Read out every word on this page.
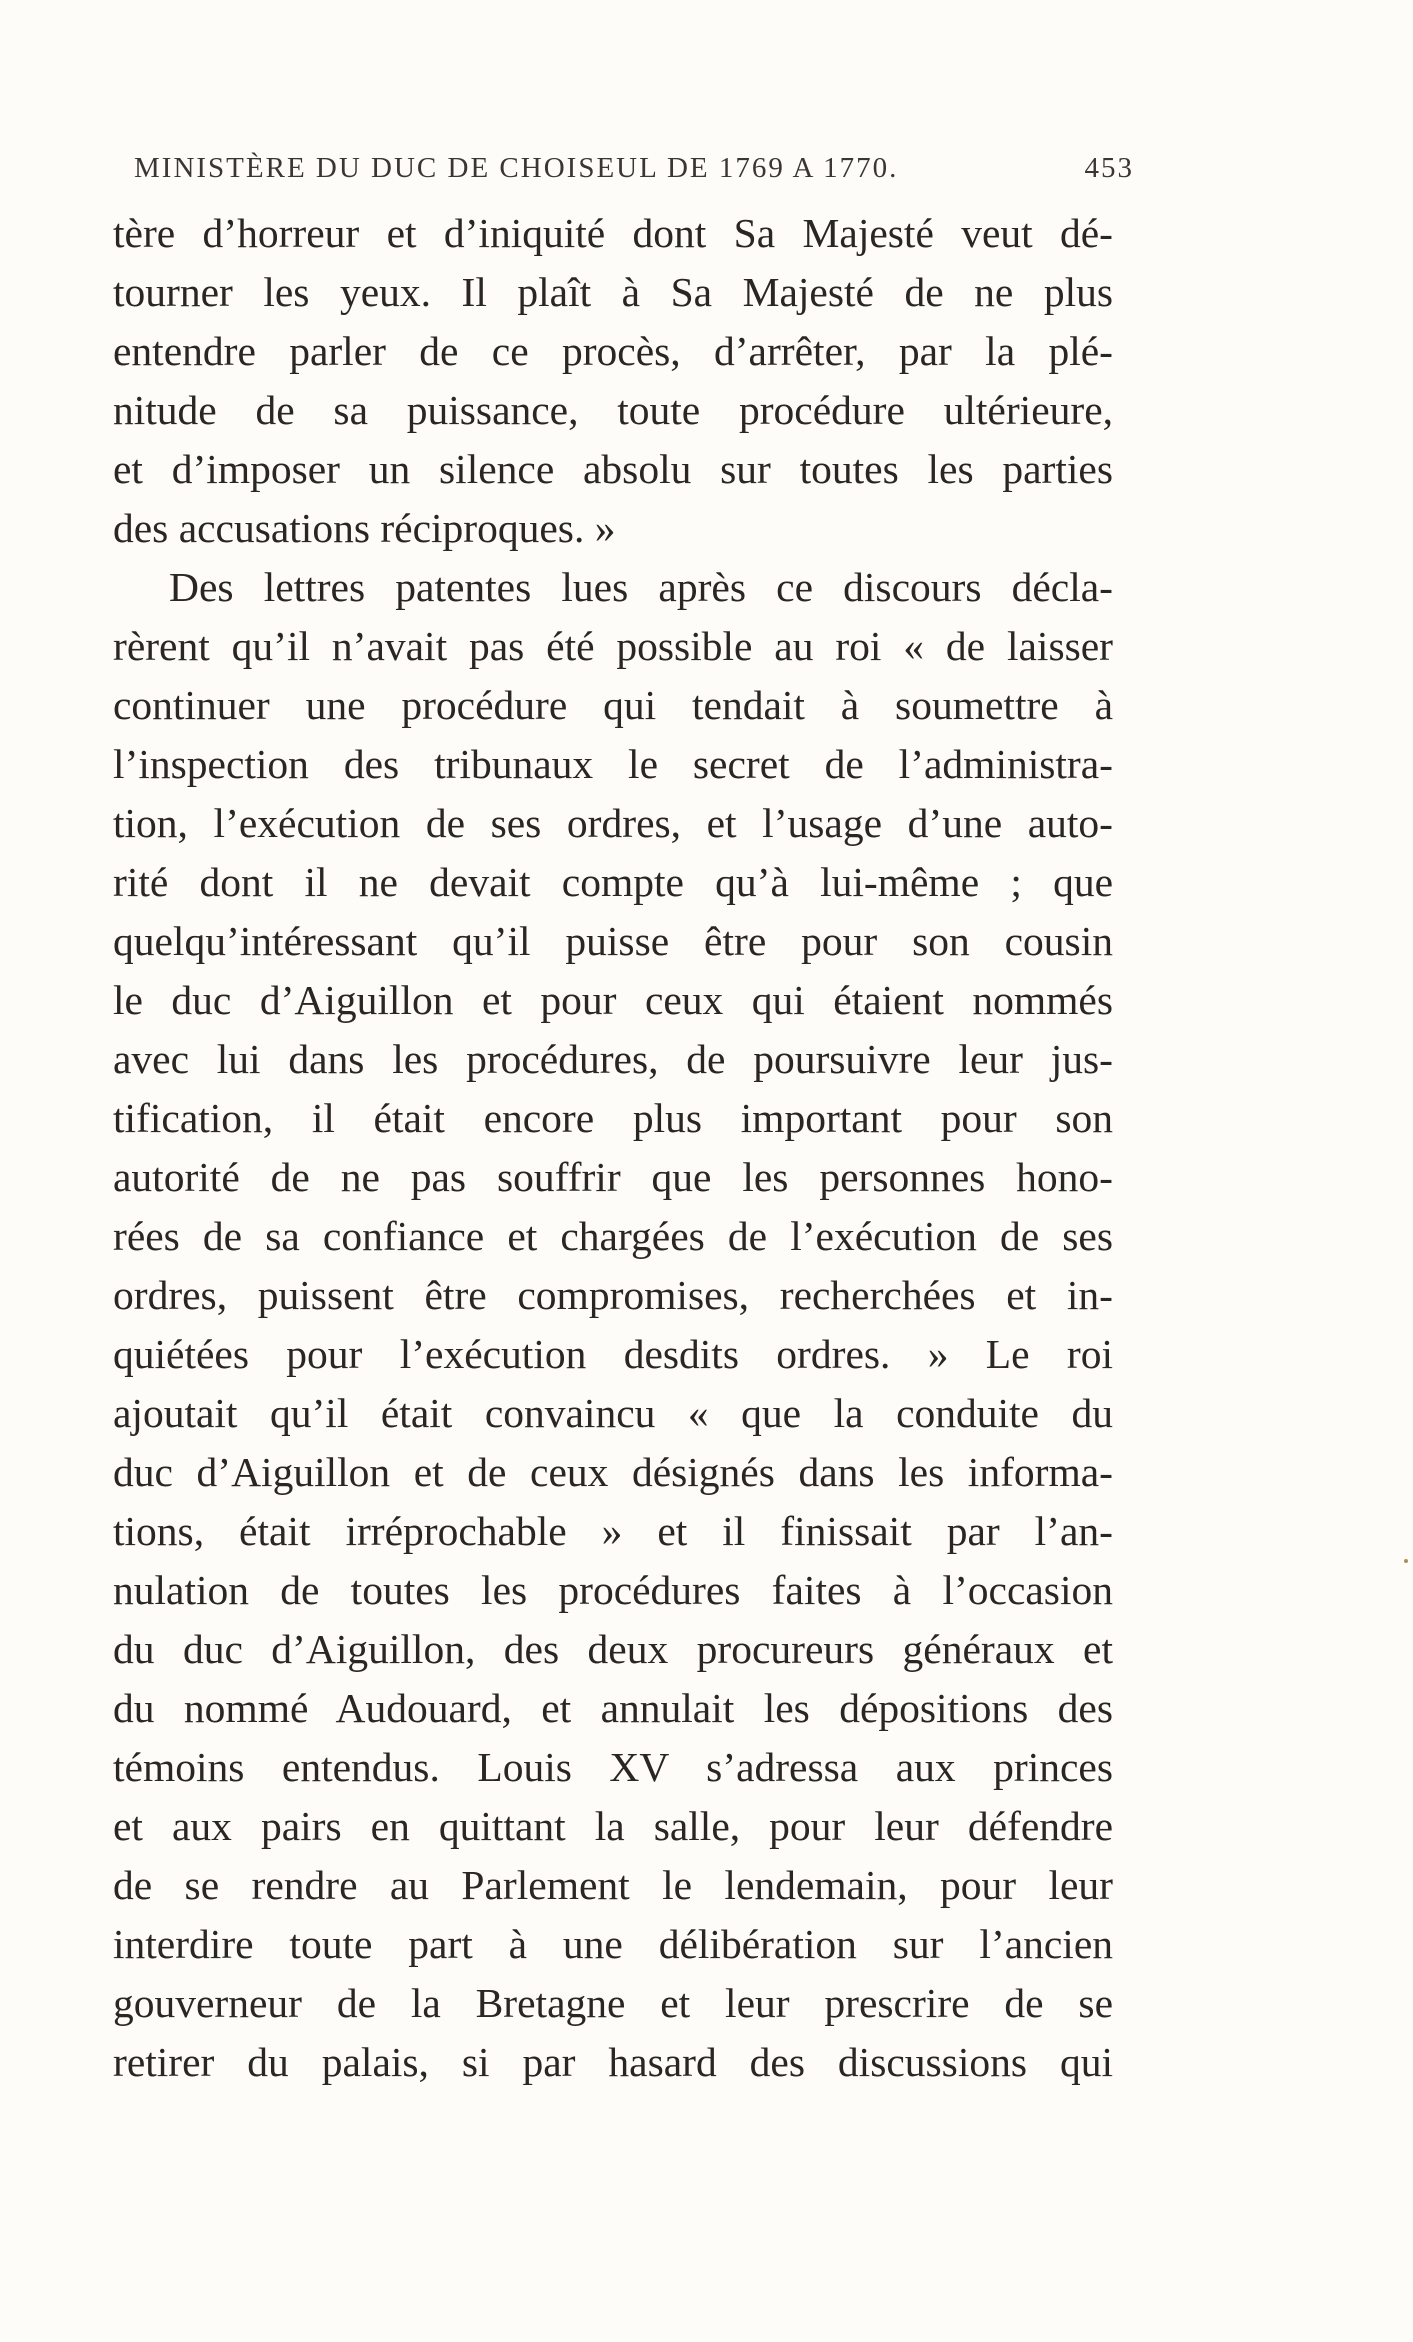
MINISTÈRE DU DUC DE CHOISEUL DE 1769 A 1770.	453
tère d’horreur et d’iniquité dont Sa Majesté veut dé-
tourner les yeux. Il plaît à Sa Majesté de ne plus
entendre parler de ce procès, d’arrêter, par la plé-
nitude de sa puissance, toute procédure ultérieure,
et d’imposer un silence absolu sur toutes les parties
des accusations réciproques. »
Des lettres patentes lues après ce discours décla-
rèrent qu’il n’avait pas été possible au roi « de laisser
continuer une procédure qui tendait à soumettre à
l’inspection des tribunaux le secret de l’administra-
tion, l’exécution de ses ordres, et l’usage d’une auto-
rité dont il ne devait compte qu’à lui-même ; que
quelqu’intéressant qu’il puisse être pour son cousin
le duc d’Aiguillon et pour ceux qui étaient nommés
avec lui dans les procédures, de poursuivre leur jus-
tification, il était encore plus important pour son
autorité de ne pas souffrir que les personnes hono-
rées de sa confiance et chargées de l’exécution de ses
ordres, puissent être compromises, recherchées et in-
quiétées pour l’exécution desdits ordres. » Le roi
ajoutait qu’il était convaincu « que la conduite du
duc d’Aiguillon et de ceux désignés dans les informa-
tions, était irréprochable » et il finissait par l’an-
nulation de toutes les procédures faites à l’occasion
du duc d’Aiguillon, des deux procureurs généraux et
du nommé Audouard, et annulait les dépositions des
témoins entendus. Louis XV s’adressa aux princes
et aux pairs en quittant la salle, pour leur défendre
de se rendre au Parlement le lendemain, pour leur
interdire toute part à une délibération sur l’ancien
gouverneur de la Bretagne et leur prescrire de se
retirer du palais, si par hasard des discussions qui
